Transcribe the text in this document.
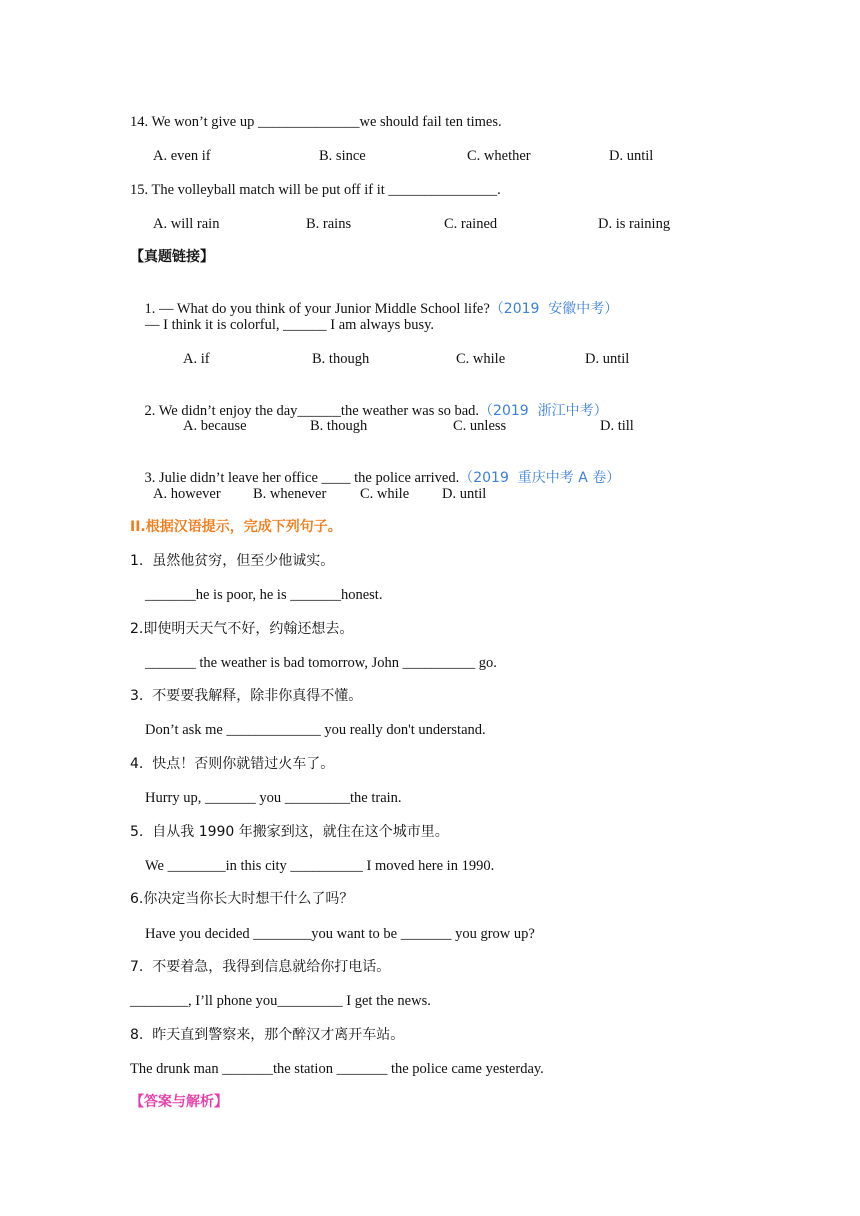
14. We won’t give up ______________we should fail ten times.
A. even if	B. since	C. whether	D. until
15. The volleyball match will be put off if it _______________.
A. will rain	B. rains	C. rained	D. is raining
【真题链接】

1. — What do you think of your Junior Middle School life?（2019  安徽中考）

— I think it is colorful, ______ I am always busy.
A. if	B. though	C. while	D. until

2. We didn’t enjoy the day______the weather was so bad.（2019  浙江中考）

A. because	B. though	C. unless	D. till

3. Julie didn’t leave her office ____ the police arrived.（2019  重庆中考 A 卷）

A. however B. whenever C. while D. until
II.根据汉语提示，完成下列句子。
1.  虽然他贫穷，但至少他诚实。
_______he is poor, he is _______honest.
2.即使明天天气不好，约翰还想去。
_______ the weather is bad tomorrow, John __________ go.
3.  不要要我解释，除非你真得不懂。
Don’t ask me _____________ you really don't understand.
4.  快点！否则你就错过火车了。
Hurry up, _______ you _________the train.
5.  自从我 1990 年搬家到这，就住在这个城市里。
We ________in this city __________ I moved here in 1990.
6.你决定当你长大时想干什么了吗？
Have you decided ________you want to be _______ you grow up?
7.  不要着急，我得到信息就给你打电话。
________, I’ll phone you_________ I get the news.
8.  昨天直到警察来，那个醉汉才离开车站。
The drunk man _______the station _______ the police came yesterday.
【答案与解析】
